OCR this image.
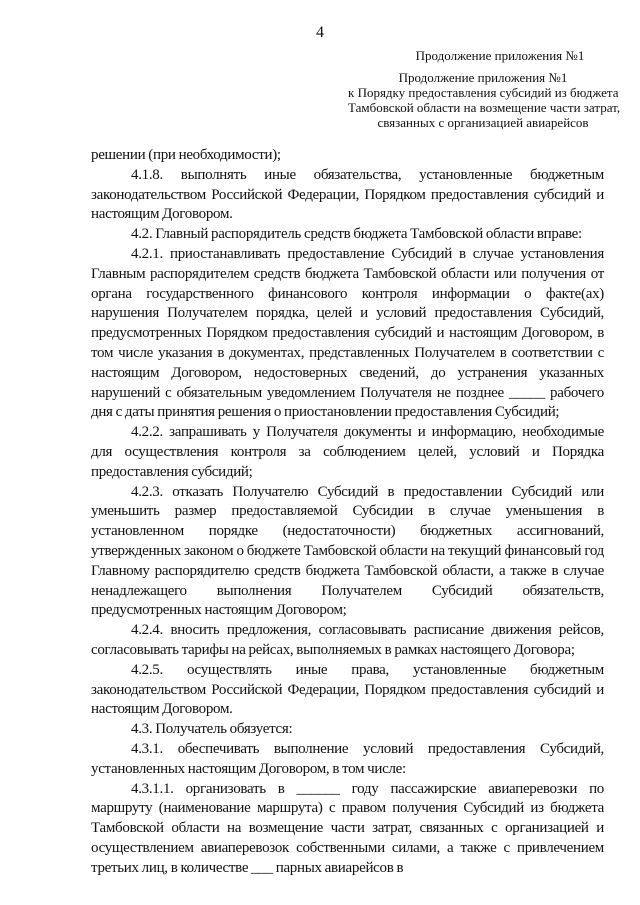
4
Продолжение приложения №1
Продолжение приложения №1
к Порядку предоставления субсидий из бюджета
Тамбовской области на возмещение части затрат,
связанных с организацией авиарейсов

решении (при необходимости);

4.1.8. выполнять иные обязательства, установленные бюджетным законодательством Российской Федерации, Порядком предоставления субсидий и настоящим Договором.

4.2. Главный распорядитель средств бюджета Тамбовской области вправе:

4.2.1. приостанавливать предоставление Субсидий в случае установления Главным распорядителем средств бюджета Тамбовской области или получения от органа государственного финансового контроля информации о факте(ах) нарушения Получателем порядка, целей и условий предоставления Субсидий, предусмотренных Порядком предоставления субсидий и настоящим Договором, в том числе указания в документах, представленных Получателем в соответствии с настоящим Договором, недостоверных сведений, до устранения указанных нарушений с обязательным уведомлением Получателя не позднее _____ рабочего дня с даты принятия решения о приостановлении предоставления Субсидий;

4.2.2. запрашивать у Получателя документы и информацию, необходимые для осуществления контроля за соблюдением целей, условий и Порядка предоставления субсидий;

4.2.3. отказать Получателю Субсидий в предоставлении Субсидий или уменьшить размер предоставляемой Субсидии в случае уменьшения в установленном порядке (недостаточности) бюджетных ассигнований, утвержденных законом о бюджете Тамбовской области на текущий финансовый год Главному распорядителю средств бюджета Тамбовской области, а также в случае ненадлежащего выполнения Получателем Субсидий обязательств, предусмотренных настоящим Договором;

4.2.4. вносить предложения, согласовывать расписание движения рейсов, согласовывать тарифы на рейсах, выполняемых в рамках настоящего Договора;

4.2.5. осуществлять иные права, установленные бюджетным законодательством Российской Федерации, Порядком предоставления субсидий и настоящим Договором.

4.3. Получатель обязуется:

4.3.1. обеспечивать выполнение условий предоставления Субсидий, установленных настоящим Договором, в том числе:

4.3.1.1. организовать в ______ году пассажирские авиаперевозки по маршруту (наименование маршрута) с правом получения Субсидий из бюджета Тамбовской области на возмещение части затрат, связанных с организацией и осуществлением авиаперевозок собственными силами, а также с привлечением третьих лиц, в количестве ___ парных авиарейсов в
